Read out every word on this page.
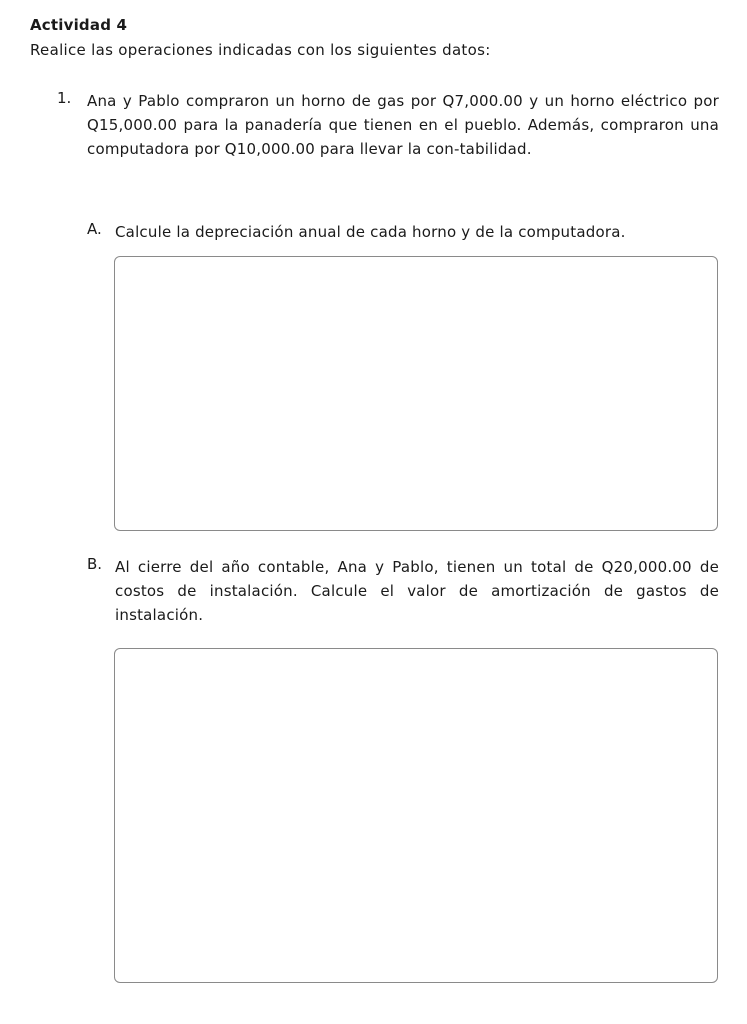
Actividad 4
Realice las operaciones indicadas con los siguientes datos:
1. Ana y Pablo compraron un horno de gas por Q7,000.00 y un horno eléctrico por Q15,000.00 para la panadería que tienen en el pueblo. Además, compraron una computadora por Q10,000.00 para llevar la con-tabilidad.
A. Calcule la depreciación anual de cada horno y de la computadora.
B. Al cierre del año contable, Ana y Pablo, tienen un total de Q20,000.00 de costos de instalación. Calcule el valor de amortización de gastos de instalación.
